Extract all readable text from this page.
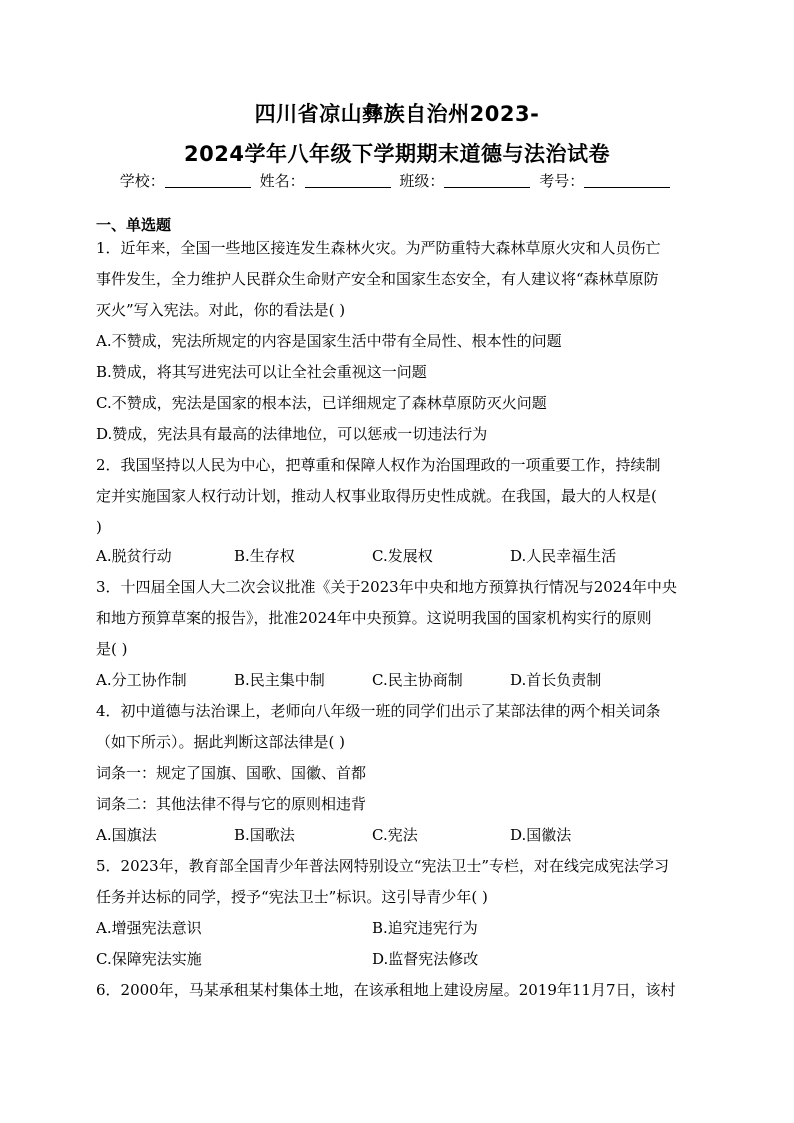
四川省凉山彝族自治州2023-
2024学年八年级下学期期末道德与法治试卷
学校：	姓名：	班级：	考号：
一、单选题
1．近年来，全国一些地区接连发生森林火灾。为严防重特大森林草原火灾和人员伤亡
事件发生，全力维护人民群众生命财产安全和国家生态安全，有人建议将“森林草原防
灭火”写入宪法。对此，你的看法是( )
A.不赞成，宪法所规定的内容是国家生活中带有全局性、根本性的问题
B.赞成，将其写进宪法可以让全社会重视这一问题
C.不赞成，宪法是国家的根本法，已详细规定了森林草原防灭火问题
D.赞成，宪法具有最高的法律地位，可以惩戒一切违法行为
2．我国坚持以人民为中心，把尊重和保障人权作为治国理政的一项重要工作，持续制
定并实施国家人权行动计划，推动人权事业取得历史性成就。在我国，最大的人权是(
)
A.脱贫行动	B.生存权	C.发展权	D.人民幸福生活
3．十四届全国人大二次会议批准《关于2023年中央和地方预算执行情况与2024年中央
和地方预算草案的报告》，批准2024年中央预算。这说明我国的国家机构实行的原则
是( )
A.分工协作制	B.民主集中制	C.民主协商制	D.首长负责制
4．初中道德与法治课上，老师向八年级一班的同学们出示了某部法律的两个相关词条
（如下所示）。据此判断这部法律是( )
词条一：规定了国旗、国歌、国徽、首都
词条二：其他法律不得与它的原则相违背
A.国旗法	B.国歌法	C.宪法	D.国徽法
5．2023年，教育部全国青少年普法网特别设立“宪法卫士”专栏，对在线完成宪法学习
任务并达标的同学，授予“宪法卫士”标识。这引导青少年( )
A.增强宪法意识	B.追究违宪行为
C.保障宪法实施	D.监督宪法修改
6．2000年，马某承租某村集体土地，在该承租地上建设房屋。2019年11月7日，该村
